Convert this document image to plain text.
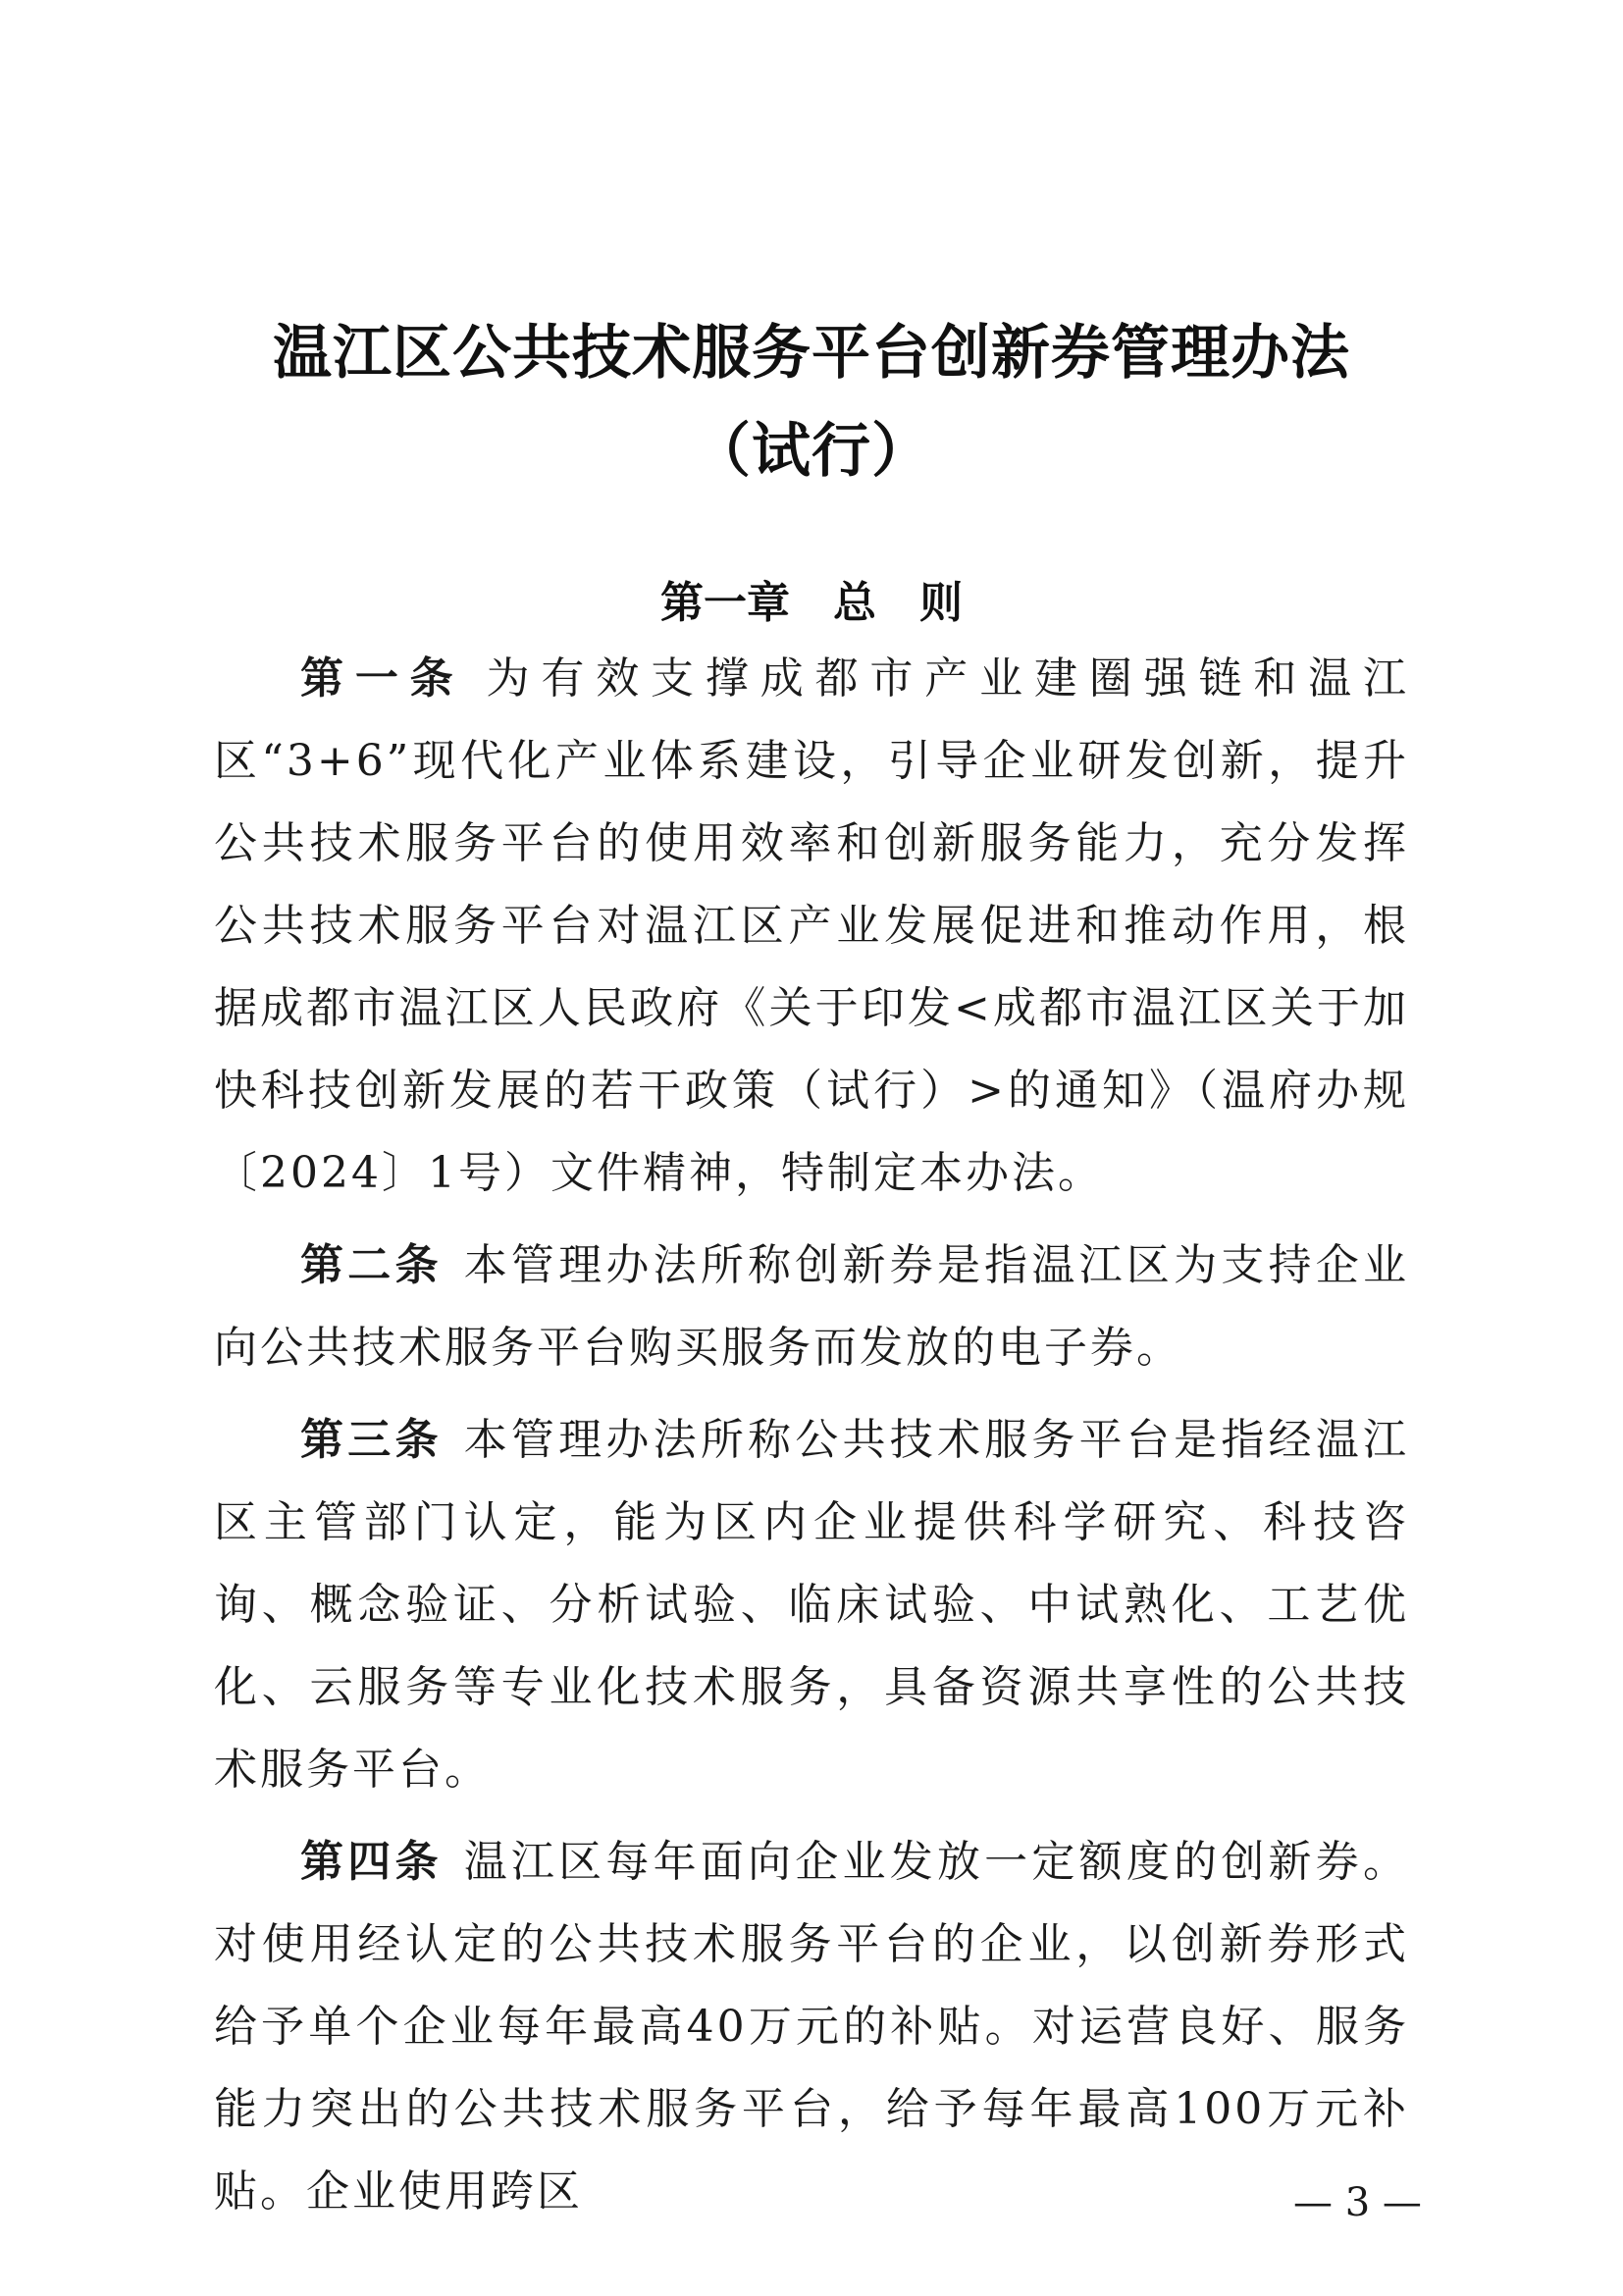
温江区公共技术服务平台创新券管理办法
（试行）
第一章　总　则

第一条 为有效支撑成都市产业建圈强链和温江区“3+6”现代化产业体系建设，引导企业研发创新，提升公共技术服务平台的使用效率和创新服务能力，充分发挥公共技术服务平台对温江区产业发展促进和推动作用，根据成都市温江区人民政府《关于印发<成都市温江区关于加快科技创新发展的若干政策（试行）>的通知》（温府办规〔2024〕1号）文件精神，特制定本办法。

第二条 本管理办法所称创新券是指温江区为支持企业向公共技术服务平台购买服务而发放的电子券。

第三条 本管理办法所称公共技术服务平台是指经温江区主管部门认定，能为区内企业提供科学研究、科技咨询、概念验证、分析试验、临床试验、中试熟化、工艺优化、云服务等专业化技术服务，具备资源共享性的公共技术服务平台。

第四条 温江区每年面向企业发放一定额度的创新券。对使用经认定的公共技术服务平台的企业，以创新券形式给予单个企业每年最高40万元的补贴。对运营良好、服务能力突出的公共技术服务平台，给予每年最高100万元补贴。企业使用跨区	— 3 —
